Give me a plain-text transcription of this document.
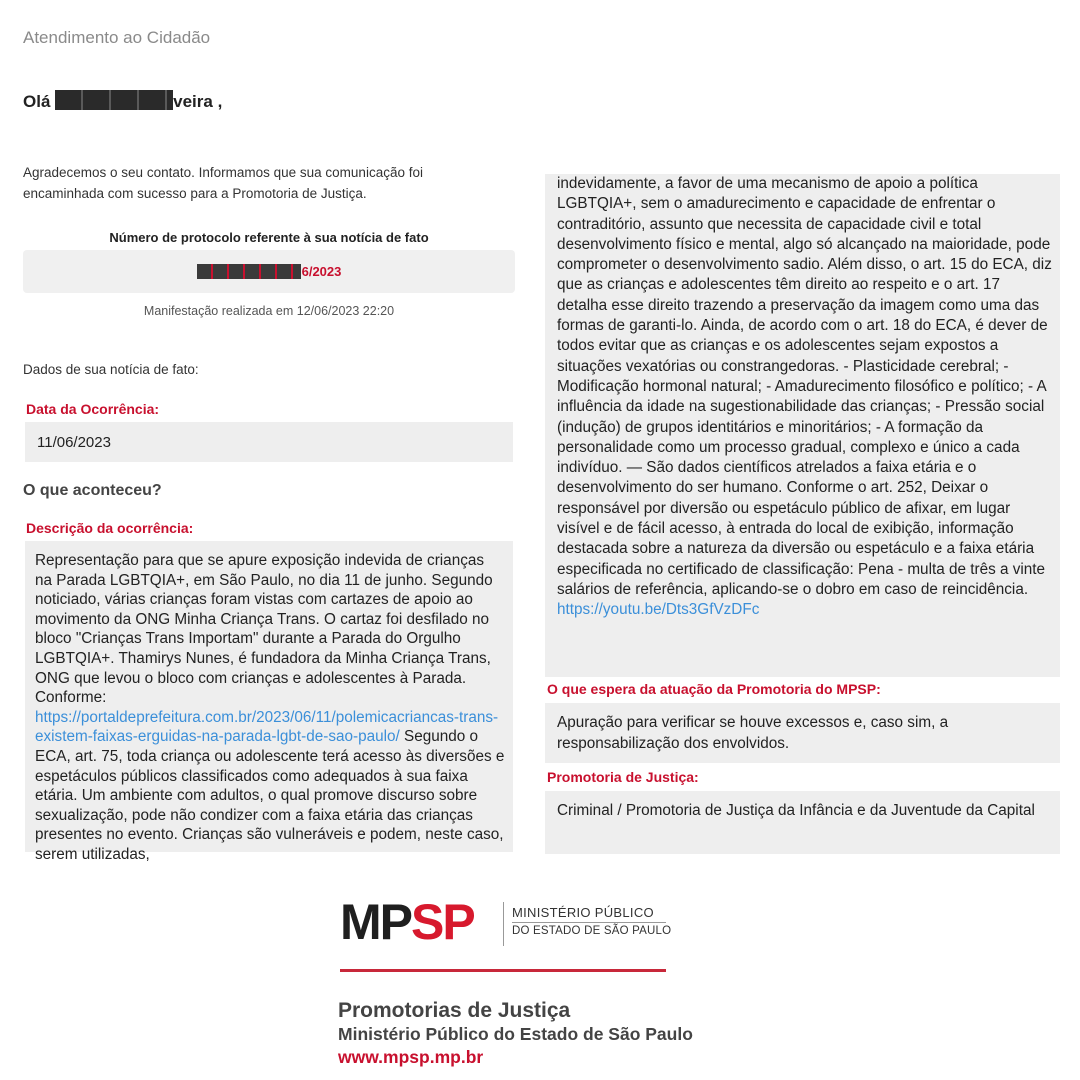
Atendimento ao Cidadão
Olá	veira ,
Agradecemos o seu contato. Informamos que sua comunicação foi encaminhada com sucesso para a Promotoria de Justiça.
Número de protocolo referente à sua notícia de fato
6/2023
Manifestação realizada em 12/06/2023 22:20
Dados de sua notícia de fato:
Data da Ocorrência:
11/06/2023
O que aconteceu?
Descrição da ocorrência:
Representação para que se apure exposição indevida de crianças na Parada LGBTQIA+, em São Paulo, no dia 11 de junho. Segundo noticiado, várias crianças foram vistas com cartazes de apoio ao movimento da ONG Minha Criança Trans. O cartaz foi desfilado no bloco "Crianças Trans Importam" durante a Parada do Orgulho LGBTQIA+. Thamirys Nunes, é fundadora da Minha Criança Trans, ONG que levou o bloco com crianças e adolescentes à Parada. Conforme: https://portaldeprefeitura.com.br/2023/06/11/polemicacriancas-trans-existem-faixas-erguidas-na-parada-lgbt-de-sao-paulo/ Segundo o ECA, art. 75, toda criança ou adolescente terá acesso às diversões e espetáculos públicos classificados como adequados à sua faixa etária. Um ambiente com adultos, o qual promove discurso sobre sexualização, pode não condizer com a faixa etária das crianças presentes no evento. Crianças são vulneráveis e podem, neste caso, serem utilizadas,
indevidamente, a favor de uma mecanismo de apoio a política LGBTQIA+, sem o amadurecimento e capacidade de enfrentar o contraditório, assunto que necessita de capacidade civil e total desenvolvimento físico e mental, algo só alcançado na maioridade, pode comprometer o desenvolvimento sadio. Além disso, o art. 15 do ECA, diz que as crianças e adolescentes têm direito ao respeito e o art. 17 detalha esse direito trazendo a preservação da imagem como uma das formas de garanti-lo. Ainda, de acordo com o art. 18 do ECA, é dever de todos evitar que as crianças e os adolescentes sejam expostos a situações vexatórias ou constrangedoras. - Plasticidade cerebral; - Modificação hormonal natural; - Amadurecimento filosófico e político; - A influência da idade na sugestionabilidade das crianças; - Pressão social (indução) de grupos identitários e minoritários; - A formação da personalidade como um processo gradual, complexo e único a cada indivíduo. — São dados científicos atrelados a faixa etária e o desenvolvimento do ser humano. Conforme o art. 252, Deixar o responsável por diversão ou espetáculo público de afixar, em lugar visível e de fácil acesso, à entrada do local de exibição, informação destacada sobre a natureza da diversão ou espetáculo e a faixa etária especificada no certificado de classificação: Pena - multa de três a vinte salários de referência, aplicando-se o dobro em caso de reincidência. https://youtu.be/Dts3GfVzDFc
O que espera da atuação da Promotoria do MPSP:
Apuração para verificar se houve excessos e, caso sim, a responsabilização dos envolvidos.
Promotoria de Justiça:
Criminal / Promotoria de Justiça da Infância e da Juventude da Capital
MPSP	MINISTÉRIO PÚBLICO
DO ESTADO DE SÃO PAULO
Promotorias de Justiça
Ministério Público do Estado de São Paulo
www.mpsp.mp.br
